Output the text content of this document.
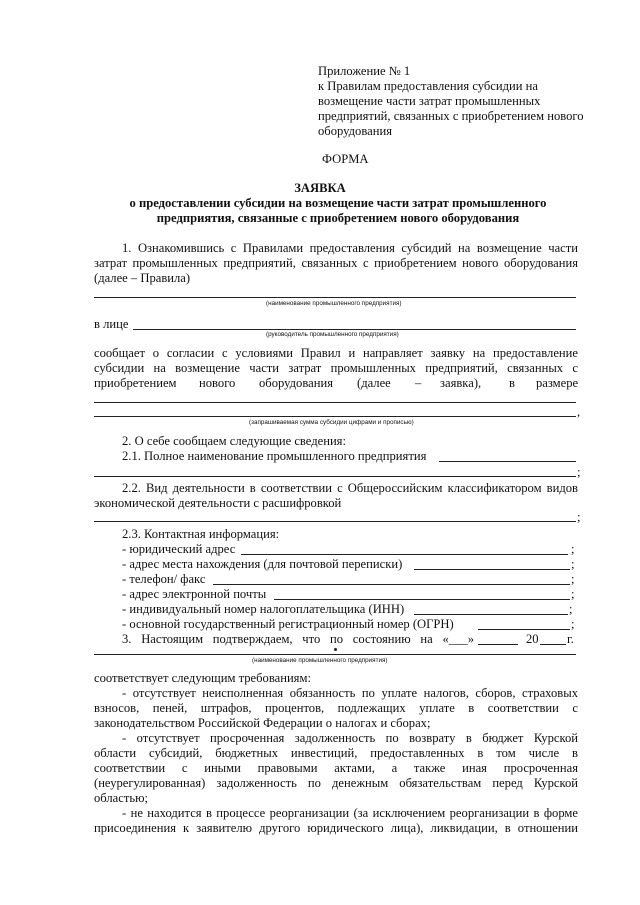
Приложение № 1
к Правилам предоставления субсидии на
возмещение части затрат промышленных
предприятий, связанных с приобретением нового
оборудования
ФОРМА
ЗАЯВКА
о предоставлении субсидии на возмещение части затрат промышленного
предприятия, связанные с приобретением нового оборудования
1. Ознакомившись с Правилами предоставления субсидий на возмещение части
затрат промышленных предприятий, связанных с приобретением нового оборудования
(далее – Правила)
(наименование промышленного предприятия)
в лице
(руководитель промышленного предприятия)
сообщает о согласии с условиями Правил и направляет заявку на предоставление
субсидии на возмещение части затрат промышленных предприятий, связанных с
приобретением нового оборудования (далее – заявка), в размере
,
(запрашиваемая сумма субсидии цифрами и прописью)
2. О себе сообщаем следующие сведения:
2.1. Полное наименование промышленного предприятия
;
2.2. Вид деятельности в соответствии с Общероссийским классификатором видов
экономической деятельности с расшифровкой
;
2.3. Контактная информация:
- юридический адрес	;
- адрес места нахождения (для почтовой переписки)	;
- телефон/ факс	;
- адрес электронной почты	;
- индивидуальный номер налогоплательщика (ИНН)	;
- основной государственный регистрационный номер (ОГРН)	;
3. Настоящим подтверждаем, что по состоянию на «___»	20 г.
(наименование промышленного предприятия)
соответствует следующим требованиям:
- отсутствует неисполненная обязанность по уплате налогов, сборов, страховых
взносов, пеней, штрафов, процентов, подлежащих уплате в соответствии с
законодательством Российской Федерации о налогах и сборах;
- отсутствует просроченная задолженность по возврату в бюджет Курской
области субсидий, бюджетных инвестиций, предоставленных в том числе в
соответствии с иными правовыми актами, а также иная просроченная
(неурегулированная) задолженность по денежным обязательствам перед Курской
областью;
- не находится в процессе реорганизации (за исключением реорганизации в форме
присоединения к заявителю другого юридического лица), ликвидации, в отношении
